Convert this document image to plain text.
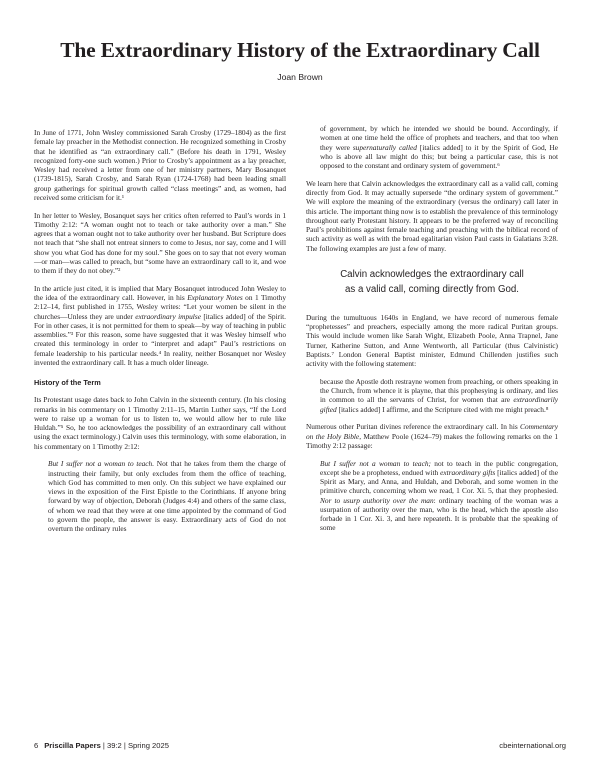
The Extraordinary History of the Extraordinary Call
Joan Brown

In June of 1771, John Wesley commissioned Sarah Crosby (1729–1804) as the first female lay preacher in the Methodist connection. He recognized something in Crosby that he identified as “an extraordinary call.” (Before his death in 1791, Wesley recognized forty-one such women.) Prior to Crosby’s appointment as a lay preacher, Wesley had received a letter from one of her ministry partners, Mary Bosanquet (1739-1815), Sarah Crosby, and Sarah Ryan (1724-1768) had been leading small group gatherings for spiritual growth called “class meetings” and, as women, had received some criticism for it.¹

In her letter to Wesley, Bosanquet says her critics often referred to Paul’s words in 1 Timothy 2:12: “A woman ought not to teach or take authority over a man.” She agrees that a woman ought not to take authority over her husband. But Scripture does not teach that “she shall not entreat sinners to come to Jesus, nor say, come and I will show you what God has done for my soul.” She goes on to say that not every woman—or man—was called to preach, but “some have an extraordinary call to it, and woe to them if they do not obey.”²

In the article just cited, it is implied that Mary Bosanquet introduced John Wesley to the idea of the extraordinary call. However, in his Explanatory Notes on 1 Timothy 2:12–14, first published in 1755, Wesley writes: “Let your women be silent in the churches—Unless they are under extraordinary impulse [italics added] of the Spirit. For in other cases, it is not permitted for them to speak—by way of teaching in public assemblies.”³ For this reason, some have suggested that it was Wesley himself who created this terminology in order to “interpret and adapt” Paul’s restrictions on female leadership to his particular needs.⁴ In reality, neither Bosanquet nor Wesley invented the extraordinary call. It has a much older lineage.

History of the Term

Its Protestant usage dates back to John Calvin in the sixteenth century. (In his closing remarks in his commentary on 1 Timothy 2:11–15, Martin Luther says, “If the Lord were to raise up a woman for us to listen to, we would allow her to rule like Huldah.”⁵ So, he too acknowledges the possibility of an extraordinary call without using the exact terminology.) Calvin uses this terminology, with some elaboration, in his commentary on 1 Timothy 2:12:

But I suffer not a woman to teach. Not that he takes from them the charge of instructing their family, but only excludes from them the office of teaching, which God has committed to men only. On this subject we have explained our views in the exposition of the First Epistle to the Corinthians. If anyone bring forward by way of objection, Deborah (Judges 4:4) and others of the same class, of whom we read that they were at one time appointed by the command of God to govern the people, the answer is easy. Extraordinary acts of God do not overturn the ordinary rules

of government, by which he intended we should be bound. Accordingly, if women at one time held the office of prophets and teachers, and that too when they were supernaturally called [italics added] to it by the Spirit of God, He who is above all law might do this; but being a particular case, this is not opposed to the constant and ordinary system of government.⁶

We learn here that Calvin acknowledges the extraordinary call as a valid call, coming directly from God. It may actually supersede “the ordinary system of government.” We will explore the meaning of the extraordinary (versus the ordinary) call later in this article. The important thing now is to establish the prevalence of this terminology throughout early Protestant history. It appears to be the preferred way of reconciling Paul’s prohibitions against female teaching and preaching with the biblical record of such activity as well as with the broad egalitarian vision Paul casts in Galatians 3:28. The following examples are just a few of many.

Calvin acknowledges the extraordinary call
as a valid call, coming directly from God.

During the tumultuous 1640s in England, we have record of numerous female “prophetesses” and preachers, especially among the more radical Puritan groups. This would include women like Sarah Wight, Elizabeth Poole, Anna Trapnel, Jane Turner, Katherine Sutton, and Anne Wentworth, all Particular (thus Calvinistic) Baptists.⁷ London General Baptist minister, Edmund Chillenden justifies such activity with the following statement:

because the Apostle doth restrayne women from preaching, or others speaking in the Church, from whence it is playne, that this prophesying is ordinary, and lies in common to all the servants of Christ, for women that are extraordinarily gifted [italics added] I affirme, and the Scripture cited with me might preach.⁸

Numerous other Puritan divines reference the extraordinary call. In his Commentary on the Holy Bible, Matthew Poole (1624–79) makes the following remarks on the 1 Timothy 2:12 passage:

But I suffer not a woman to teach; not to teach in the public congregation, except she be a prophetess, endued with extraordinary gifts [italics added] of the Spirit as Mary, and Anna, and Huldah, and Deborah, and some women in the primitive church, concerning whom we read, 1 Cor. Xi. 5, that they prophesied. Nor to usurp authority over the man: ordinary teaching of the woman was a usurpation of authority over the man, who is the head, which the apostle also forbade in 1 Cor. Xi. 3, and here repeateth. It is probable that the speaking of some

6 Priscilla Papers | 39:2 | Spring 2025	cbeinternational.org
